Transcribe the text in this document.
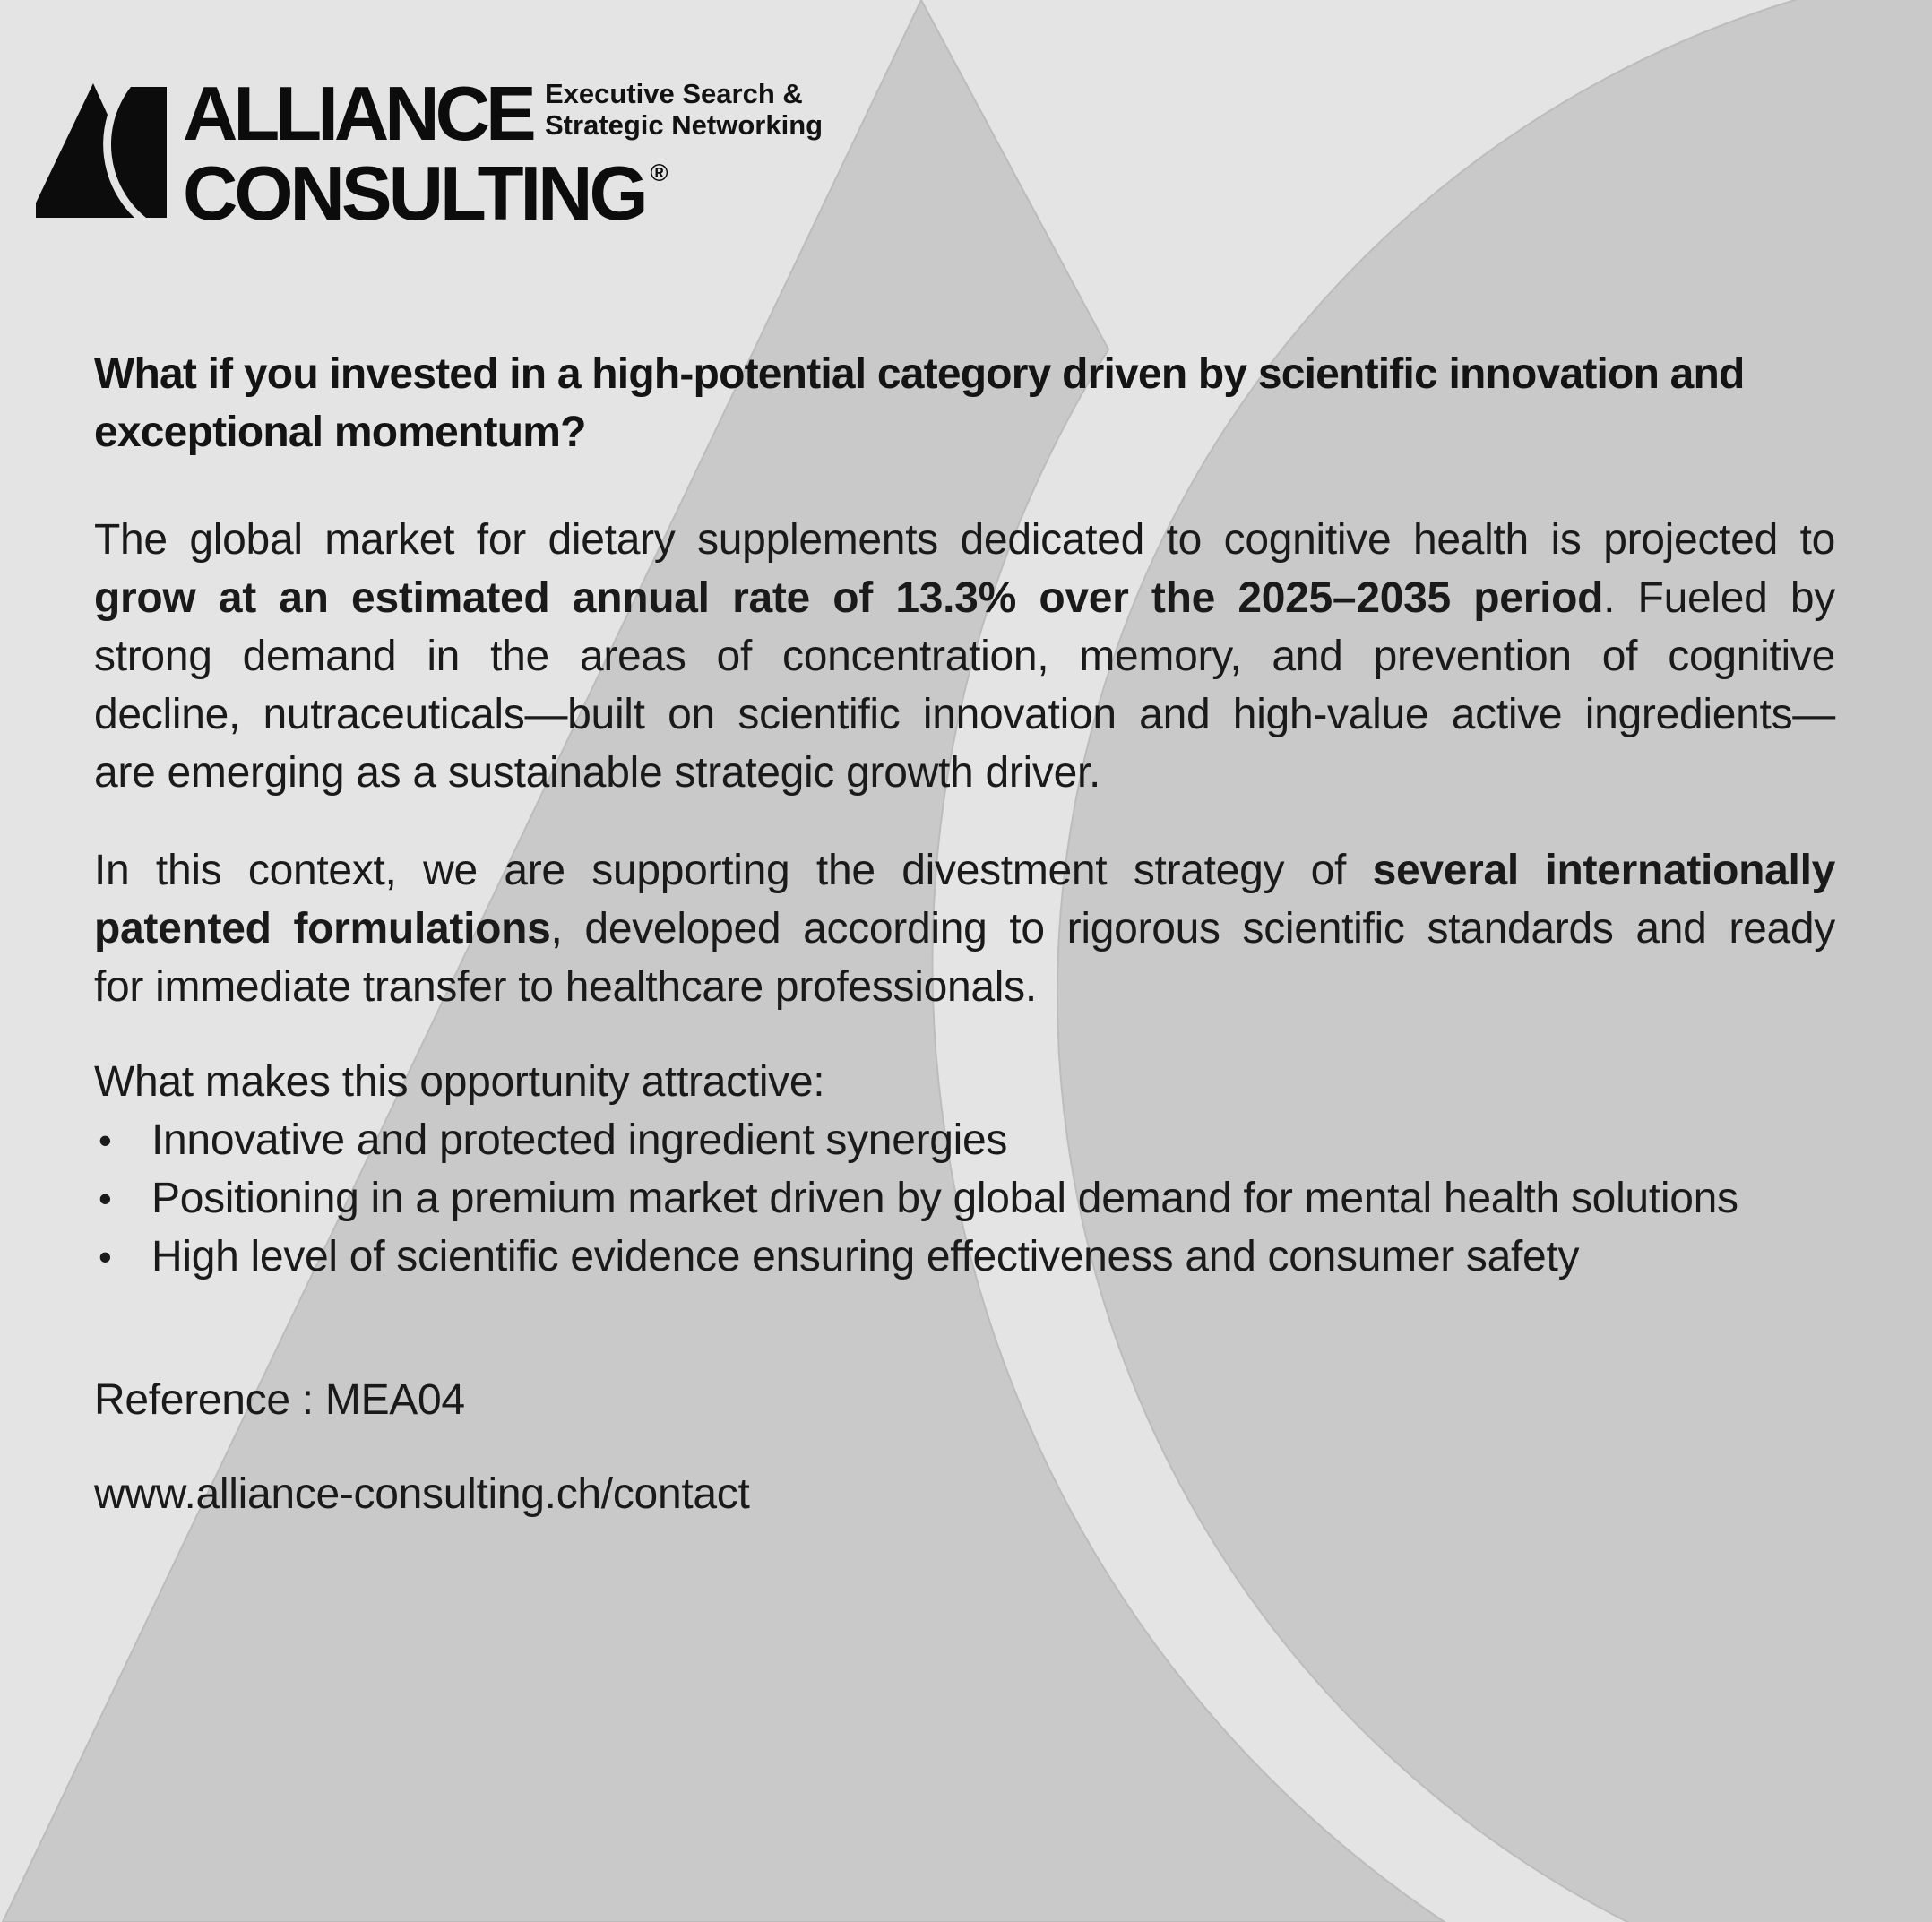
ALLIANCE
CONSULTING ®
Executive Search &
Strategic Networking
What if you invested in a high-potential category driven by scientific innovation and
exceptional momentum?
The global market for dietary supplements dedicated to cognitive health is projected to
grow at an estimated annual rate of 13.3% over the 2025–2035 period. Fueled by
strong demand in the areas of concentration, memory, and prevention of cognitive
decline, nutraceuticals—built on scientific innovation and high-value active ingredients—
are emerging as a sustainable strategic growth driver.
In this context, we are supporting the divestment strategy of several internationally
patented formulations, developed according to rigorous scientific standards and ready
for immediate transfer to healthcare professionals.
What makes this opportunity attractive:
• Innovative and protected ingredient synergies
• Positioning in a premium market driven by global demand for mental health solutions
• High level of scientific evidence ensuring effectiveness and consumer safety
Reference : MEA04
www.alliance-consulting.ch/contact
